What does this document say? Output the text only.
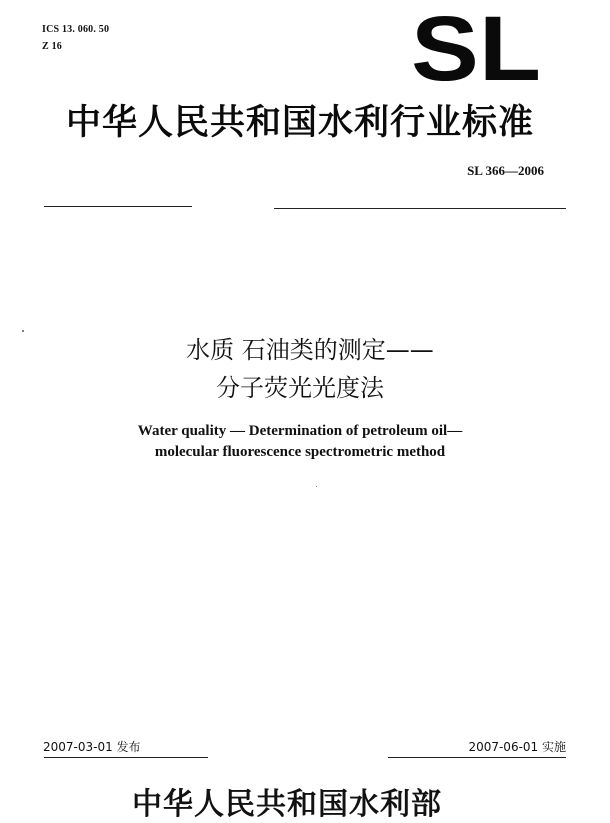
ICS 13. 060. 50
Z 16	SL
中华人民共和国水利行业标准
SL 366—2006
水质 石油类的测定——
分子荧光光度法
Water quality — Determination of petroleum oil—
molecular fluorescence spectrometric method
2007-03-01 发布	2007-06-01 实施
中华人民共和国水利部
